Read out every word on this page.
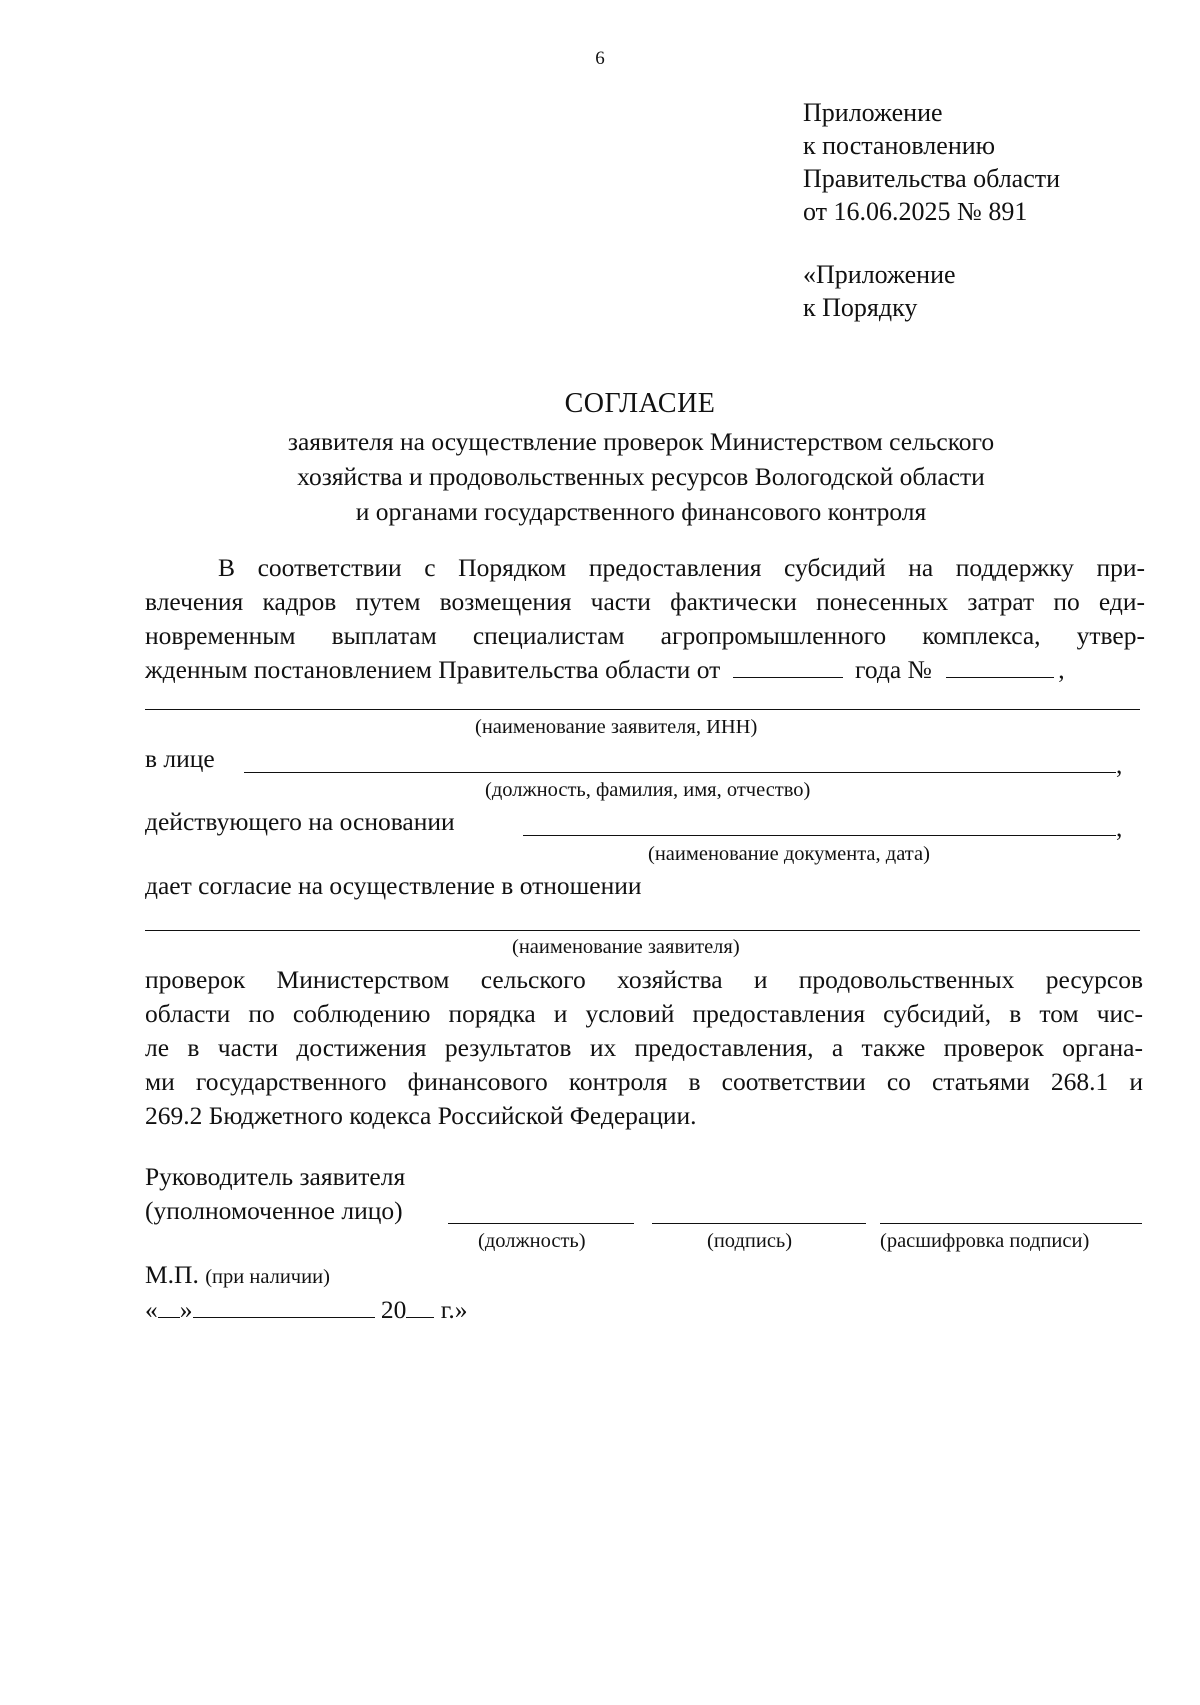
6
Приложение
к постановлению
Правительства области
от 16.06.2025 № 891
«Приложение
к Порядку
СОГЛАСИЕ
заявителя на осуществление проверок Министерством сельского
хозяйства и продовольственных ресурсов Вологодской области
и органами государственного финансового контроля
В соответствии с Порядком предоставления субсидий на поддержку при-
влечения кадров путем возмещения части фактически понесенных затрат по еди-
новременным выплатам специалистам агропромышленного комплекса, утвер-
жденным постановлением Правительства области от	года №	,
(наименование заявителя, ИНН)
в лице	,
(должность, фамилия, имя, отчество)
действующего на основании	,
(наименование документа, дата)
дает согласие на осуществление в отношении
(наименование заявителя)
проверок Министерством сельского хозяйства и продовольственных ресурсов
области по соблюдению порядка и условий предоставления субсидий, в том чис-
ле в части достижения результатов их предоставления, а также проверок органа-
ми государственного финансового контроля в соответствии со статьями 268.1 и
269.2 Бюджетного кодекса Российской Федерации.
Руководитель заявителя
(уполномоченное лицо)
(должность)	(подпись)	(расшифровка подписи)
М.П. (при наличии)
« »	20 г.»
